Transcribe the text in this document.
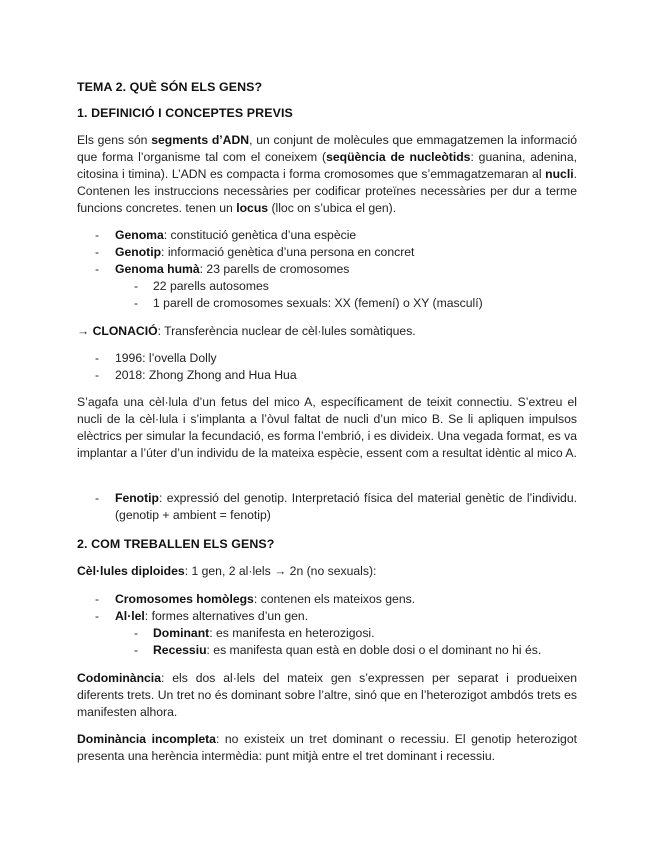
TEMA 2. QUÈ SÓN ELS GENS?
1. DEFINICIÓ I CONCEPTES PREVIS

Els gens són segments d’ADN, un conjunt de molècules que emmagatzemen la informació que forma l’organisme tal com el coneixem (seqüència de nucleòtids: guanina, adenina, citosina i timina). L’ADN es compacta i forma cromosomes que s’emmagatzemaran al nucli. Contenen les instruccions necessàries per codificar proteïnes necessàries per dur a terme funcions concretes. tenen un locus (lloc on s’ubica el gen).

- Genoma: constitució genètica d’una espècie
- Genotip: informació genètica d’una persona en concret
- Genoma humà: 23 parells de cromosomes
- 22 parells autosomes
- 1 parell de cromosomes sexuals: XX (femení) o XY (masculí)

→ CLONACIÓ: Transferència nuclear de cèl·lules somàtiques.

- 1996: l’ovella Dolly
- 2018: Zhong Zhong and Hua Hua

S’agafa una cèl·lula d’un fetus del mico A, específicament de teixit connectiu. S’extreu el nucli de la cèl·lula i s’implanta a l’òvul faltat de nucli d’un mico B. Se li apliquen impulsos elèctrics per simular la fecundació, es forma l’embrió, i es divideix. Una vegada format, es va implantar a l’úter d’un individu de la mateixa espècie, essent com a resultat idèntic al mico A.

- Fenotip: expressió del genotip. Interpretació física del material genètic de l’individu. (genotip + ambient = fenotip)
2. COM TREBALLEN ELS GENS?

Cèl·lules diploides: 1 gen, 2 al·lels → 2n (no sexuals):

- Cromosomes homòlegs: contenen els mateixos gens.
- Al·lel: formes alternatives d’un gen.
- Dominant: es manifesta en heterozigosi.
- Recessiu: es manifesta quan està en doble dosi o el dominant no hi és.

Codominància: els dos al·lels del mateix gen s’expressen per separat i produeixen diferents trets. Un tret no és dominant sobre l’altre, sinó que en l’heterozigot ambdós trets es manifesten alhora.

Dominància incompleta: no existeix un tret dominant o recessiu. El genotip heterozigot presenta una herència intermèdia: punt mitjà entre el tret dominant i recessiu.
